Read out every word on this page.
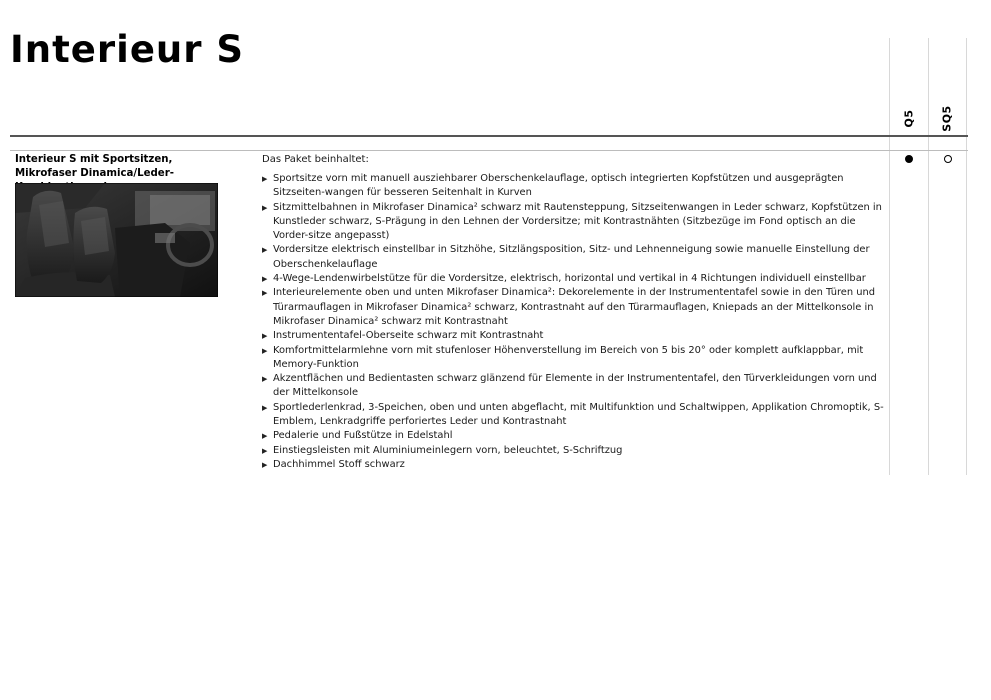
Interieur S
Q5 SQ5
Interieur S mit Sportsitzen, Mikrofaser Dinamica/Leder-
Das Paket beinhaltet:
▶ Sportsitze vorn mit manuell ausziehbarer Oberschenkelauflage, optisch integrierten Kopfstützen und ausgeprägten Sitzseiten-wangen für besseren Seitenhalt in Kurven
▶ Sitzmittelbahnen in Mikrofaser Dinamica² schwarz mit Rautensteppung, Sitzseitenwangen in Leder schwarz, Kopfstützen in Kunstleder schwarz, S-Prägung in den Lehnen der Vordersitze; mit Kontrastnähten (Sitzbezüge im Fond optisch an die Vorder-sitze angepasst)
▶ Vordersitze elektrisch einstellbar in Sitzhöhe, Sitzlängsposition, Sitz- und Lehnenneigung sowie manuelle Einstellung der Oberschenkelauflage
▶ 4-Wege-Lendenwirbelstütze für die Vordersitze, elektrisch, horizontal und vertikal in 4 Richtungen individuell einstellbar
▶ Interieurelemente oben und unten Mikrofaser Dinamica²: Dekorelemente in der Instrumententafel sowie in den Türen und Türarmauflagen in Mikrofaser Dinamica² schwarz, Kontrastnaht auf den Türarmauflagen, Kniepads an der Mittelkonsole in Mikrofaser Dinamica² schwarz mit Kontrastnaht
▶ Instrumententafel-Oberseite schwarz mit Kontrastnaht
▶ Komfortmittelarmlehne vorn mit stufenloser Höhenverstellung im Bereich von 5 bis 20° oder komplett aufklappbar, mit Memory-Funktion
▶ Akzentflächen und Bedientasten schwarz glänzend für Elemente in der Instrumententafel, den Türverkleidungen vorn und der Mittelkonsole
▶ Sportlederlenkrad, 3-Speichen, oben und unten abgeflacht, mit Multifunktion und Schaltwippen, Applikation Chromoptik, S-Emblem, Lenkradgriffe perforiertes Leder und Kontrastnaht
▶ Pedalerie und Fußstütze in Edelstahl
▶ Einstiegsleisten mit Aluminiumeinlegern vorn, beleuchtet, S-Schriftzug
▶ Dachhimmel Stoff schwarz
